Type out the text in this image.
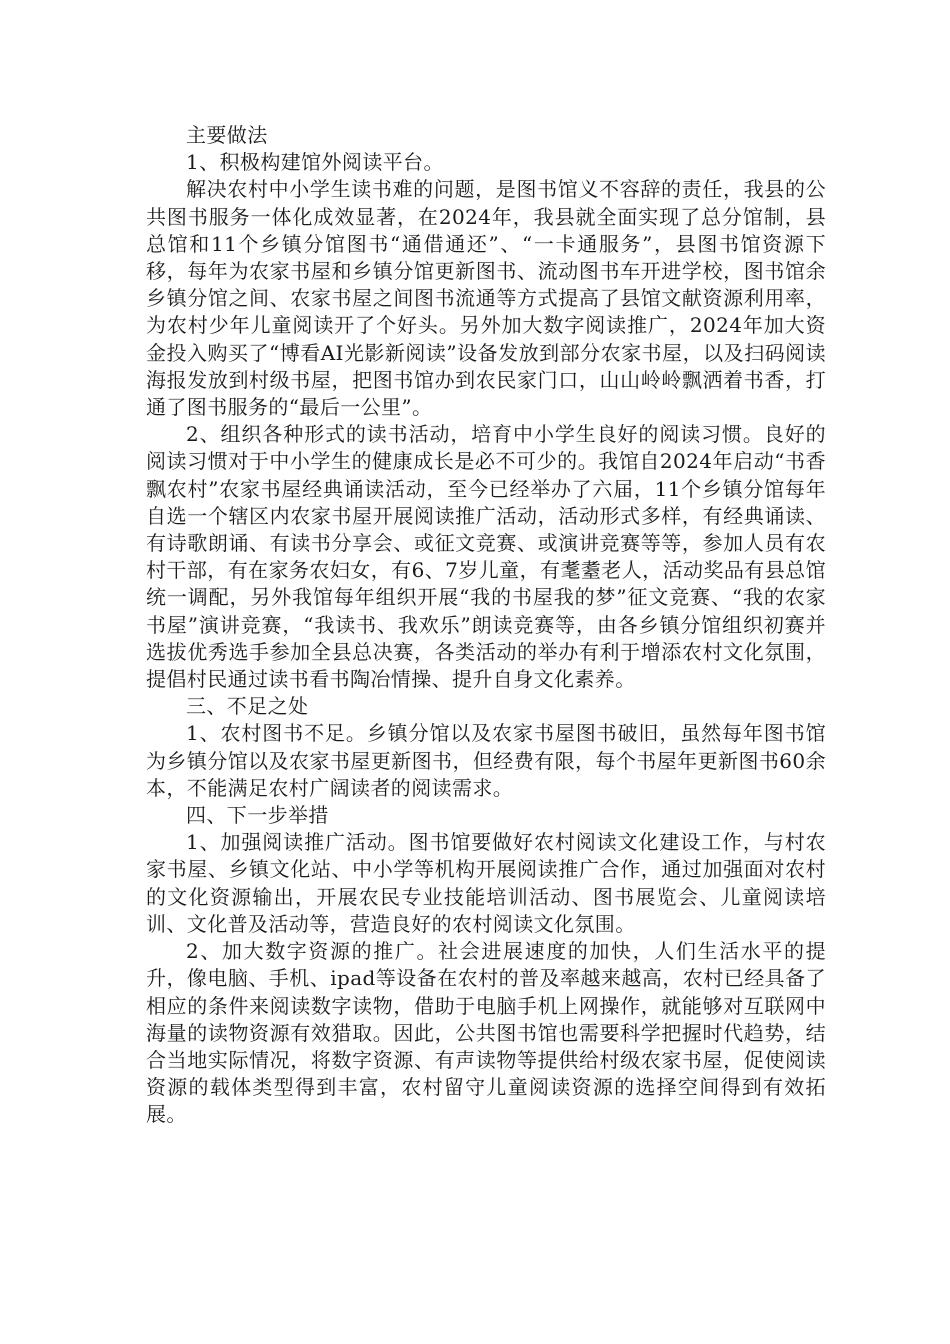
主要做法

1、积极构建馆外阅读平台。

解决农村中小学生读书难的问题，是图书馆义不容辞的责任，我县的公共图书服务一体化成效显著，在2024年，我县就全面实现了总分馆制，县总馆和11个乡镇分馆图书“通借通还”、“一卡通服务”，县图书馆资源下移，每年为农家书屋和乡镇分馆更新图书、流动图书车开进学校，图书馆余乡镇分馆之间、农家书屋之间图书流通等方式提高了县馆文献资源利用率，为农村少年儿童阅读开了个好头。另外加大数字阅读推广，2024年加大资金投入购买了“博看AI光影新阅读”设备发放到部分农家书屋，以及扫码阅读海报发放到村级书屋，把图书馆办到农民家门口，山山岭岭飘洒着书香，打通了图书服务的“最后一公里”。

2、组织各种形式的读书活动，培育中小学生良好的阅读习惯。良好的阅读习惯对于中小学生的健康成长是必不可少的。我馆自2024年启动“书香飘农村”农家书屋经典诵读活动，至今已经举办了六届，11个乡镇分馆每年自选一个辖区内农家书屋开展阅读推广活动，活动形式多样，有经典诵读、有诗歌朗诵、有读书分享会、或征文竞赛、或演讲竞赛等等，参加人员有农村干部，有在家务农妇女，有6、7岁儿童，有耄耋老人，活动奖品有县总馆统一调配，另外我馆每年组织开展“我的书屋我的梦”征文竞赛、“我的农家书屋”演讲竞赛，“我读书、我欢乐”朗读竞赛等，由各乡镇分馆组织初赛并选拔优秀选手参加全县总决赛，各类活动的举办有利于增添农村文化氛围，提倡村民通过读书看书陶冶情操、提升自身文化素养。

三、不足之处

1、农村图书不足。乡镇分馆以及农家书屋图书破旧，虽然每年图书馆为乡镇分馆以及农家书屋更新图书，但经费有限，每个书屋年更新图书60余本，不能满足农村广阔读者的阅读需求。

四、下一步举措

1、加强阅读推广活动。图书馆要做好农村阅读文化建设工作，与村农家书屋、乡镇文化站、中小学等机构开展阅读推广合作，通过加强面对农村的文化资源输出，开展农民专业技能培训活动、图书展览会、儿童阅读培训、文化普及活动等，营造良好的农村阅读文化氛围。

2、加大数字资源的推广。社会进展速度的加快，人们生活水平的提升，像电脑、手机、ipad等设备在农村的普及率越来越高，农村已经具备了相应的条件来阅读数字读物，借助于电脑手机上网操作，就能够对互联网中海量的读物资源有效猎取。因此，公共图书馆也需要科学把握时代趋势，结合当地实际情况，将数字资源、有声读物等提供给村级农家书屋，促使阅读资源的载体类型得到丰富，农村留守儿童阅读资源的选择空间得到有效拓展。
